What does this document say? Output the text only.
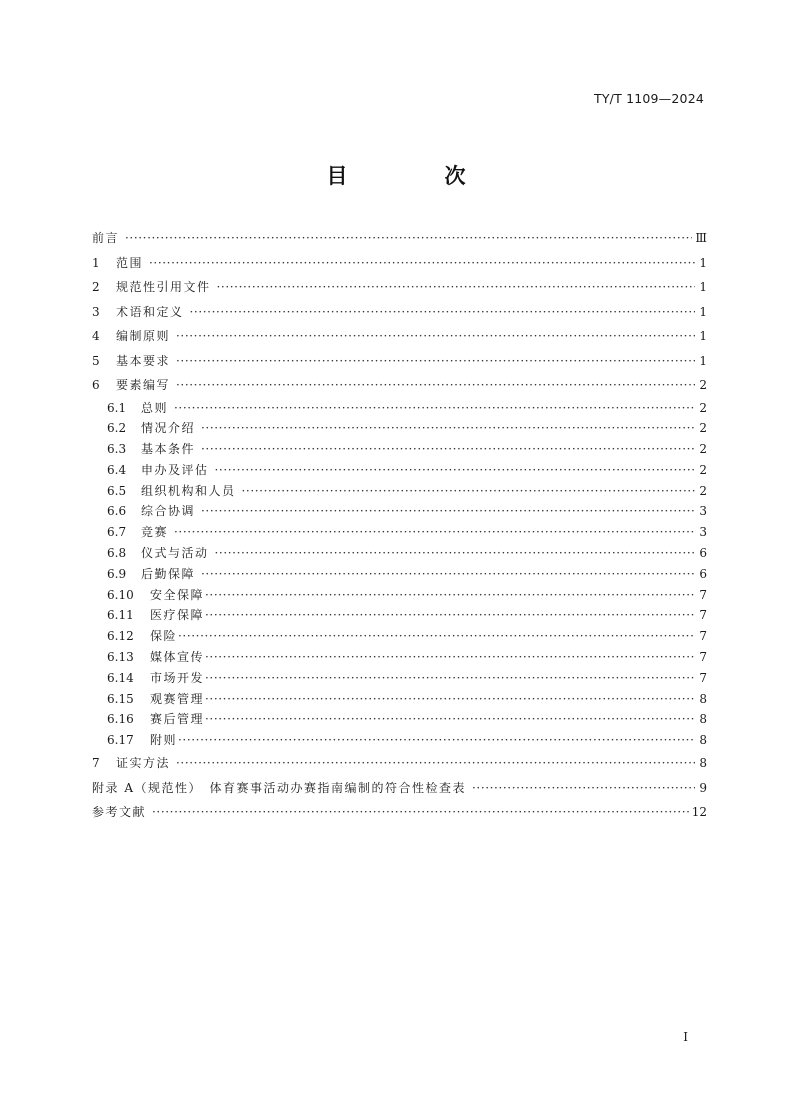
TY/T 1109—2024
目　次
前言 ·····	Ⅲ
1	范围 ·····	1
2	规范性引用文件 ·····	1
3	术语和定义 ·····	1
4	编制原则 ·····	1
5	基本要求 ·····	1
6	要素编写 ·····	2
6.1	总则 ·····	2
6.2	情况介绍 ·····	2
6.3	基本条件 ·····	2
6.4	申办及评估 ·····	2
6.5	组织机构和人员 ·····	2
6.6	综合协调 ·····	3
6.7	竞赛 ·····	3
6.8	仪式与活动 ·····	6
6.9	后勤保障 ·····	6
6.10	安全保障 ·····	7
6.11	医疗保障 ·····	7
6.12	保险 ·····	7
6.13	媒体宣传 ·····	7
6.14	市场开发 ·····	7
6.15	观赛管理 ·····	8
6.16	赛后管理 ·····	8
6.17	附则 ·····	8
7	证实方法 ·····	8
附录 A（规范性）　体育赛事活动办赛指南编制的符合性检查表 ·····	9
参考文献 ·····	12
I
